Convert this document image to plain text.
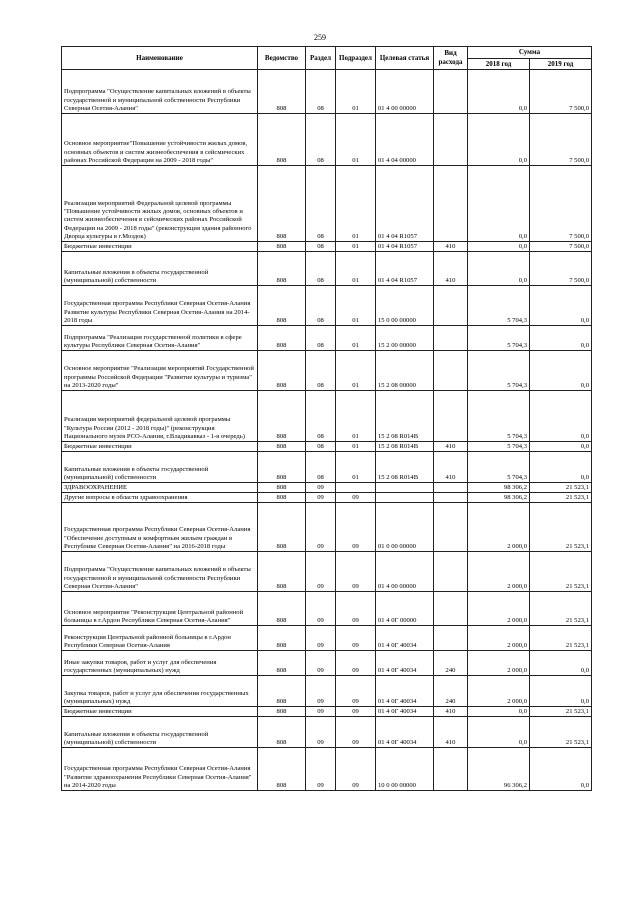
259
Наименование	Ведомство	Раздел	Подраздел	Целевая статья	Вид расхода	Сумма	
						2018 год	2019 год
Подпрограмма "Осуществление капитальных вложений в объекты государственной и муниципальной собственности Республики Северная Осетия-Алания"	808	08	01	01 4 00 00000		0,0	7 500,0
Основное мероприятие"Повышение устойчивости жилых домов, основных объектов и систем жизнеобеспечения в сейсмических районах Российской Федерации на 2009 - 2018 годы"	808	08	01	01 4 04 00000		0,0	7 500,0
Реализация мероприятий Федеральной целевой программы "Повышение устойчивости жилых домов, основных объектов и систем жизнеобеспечения в сейсмических районах Российской Федерации на 2009 - 2018 годы" (реконструкция здания районного Дворца культуры в г.Моздок)	808	08	01	01 4 04 R1057		0,0	7 500,0
Бюджетные инвестиции	808	08	01	01 4 04 R1057	410	0,0	7 500,0
Капитальные вложения в объекты государственной (муниципальной) собственности	808	08	01	01 4 04 R1057	410	0,0	7 500,0
Государственная программа Республики Северная Осетия-Алания Развитие культуры Республики Северная Осетия-Алания на 2014-2018 годы	808	08	01	15 0 00 00000		5 704,3	0,0
Подпрограмма "Реализация государственной политики в сфере культуры Республики Северная Осетия-Алания"	808	08	01	15 2 00 00000		5 704,3	0,0
Основное мероприятие "Реализация мероприятий Государственной программы Российской Федерации "Развитие культуры и туризма" на 2013-2020 годы"	808	08	01	15 2 08 00000		5 704,3	0,0
Реализация мероприятий федеральной целевой программы "Культура России (2012 - 2018 годы)" (реконструкция Национального музея РСО-Алания, г.Владикавказ - 1-я очередь)	808	08	01	15 2 08 R014B		5 704,3	0,0
Бюджетные инвестиции	808	08	01	15 2 08 R014B	410	5 704,3	0,0
Капитальные вложения в объекты государственной (муниципальной) собственности	808	08	01	15 2 08 R014B	410	5 704,3	0,0
ЗДРАВООХРАНЕНИЕ	808	09				98 306,2	21 523,1
Другие вопросы в области здравоохранения	808	09	09			98 306,2	21 523,1
Государственная программа Республики Северная Осетия-Алания "Обеспечение доступным и комфортным жильем граждан в Республике Северная Осетия-Алания" на 2016-2018 годы	808	09	09	01 0 00 00000		2 000,0	21 523,1
Подпрограмма "Осуществление капитальных вложений в объекты государственной и муниципальной собственности Республики Северная Осетия-Алания"	808	09	09	01 4 00 00000		2 000,0	21 523,1
Основное мероприятие "Реконструкция Центральной районной больницы в г.Ардон Республики Северная Осетия-Алания"	808	09	09	01 4 0Г 00000		2 000,0	21 523,1
Реконструкция Центральной районной больницы в г.Ардон Республики Северная Осетия-Алания	808	09	09	01 4 0Г 40034		2 000,0	21 523,1
Иные закупки товаров, работ и услуг для обеспечения государственных (муниципальных) нужд	808	09	09	01 4 0Г 40034	240	2 000,0	0,0
Закупка товаров, работ и услуг для обеспечения государственных (муниципальных) нужд	808	09	09	01 4 0Г 40034	240	2 000,0	0,0
Бюджетные инвестиции	808	09	09	01 4 0Г 40034	410	0,0	21 523,1
Капитальные вложения в объекты государственной (муниципальной) собственности	808	09	09	01 4 0Г 40034	410	0,0	21 523,1
Государственная программа Республики Северная Осетия-Алания "Развитие здравоохранения Республики Северная Осетия-Алания" на 2014-2020 годы	808	09	09	10 0 00 00000		96 306,2	0,0
